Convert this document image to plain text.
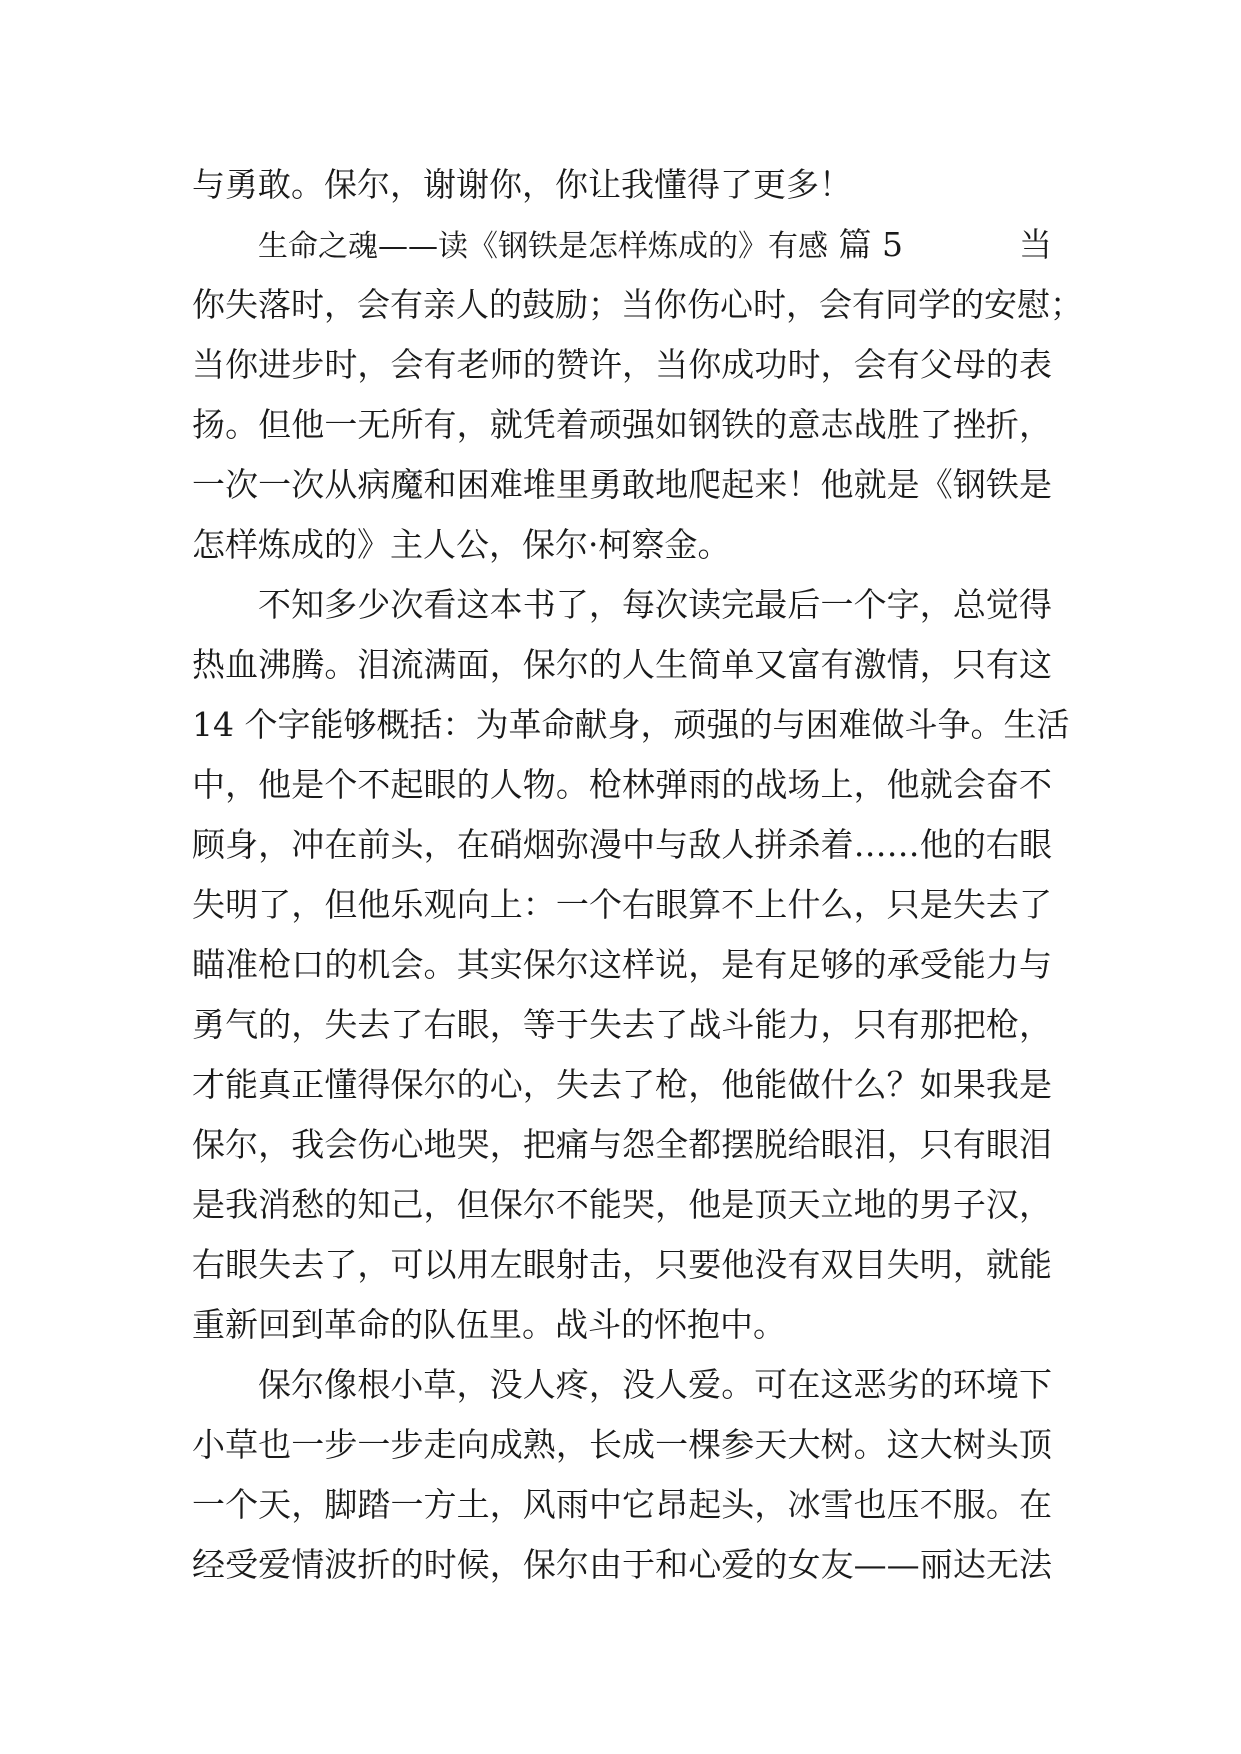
与勇敢。保尔，谢谢你，你让我懂得了更多！
生命之魂——读《钢铁是怎样炼成的》有感 篇 5	当
你失落时，会有亲人的鼓励；当你伤心时，会有同学的安慰；
当你进步时，会有老师的赞许，当你成功时，会有父母的表
扬。但他一无所有，就凭着顽强如钢铁的意志战胜了挫折，
一次一次从病魔和困难堆里勇敢地爬起来！他就是《钢铁是
怎样炼成的》主人公，保尔·柯察金。
不知多少次看这本书了，每次读完最后一个字，总觉得
热血沸腾。泪流满面，保尔的人生简单又富有激情，只有这
14 个字能够概括：为革命献身，顽强的与困难做斗争。生活
中，他是个不起眼的人物。枪林弹雨的战场上，他就会奋不
顾身，冲在前头，在硝烟弥漫中与敌人拼杀着……他的右眼
失明了，但他乐观向上：一个右眼算不上什么，只是失去了
瞄准枪口的机会。其实保尔这样说，是有足够的承受能力与
勇气的，失去了右眼，等于失去了战斗能力，只有那把枪，
才能真正懂得保尔的心，失去了枪，他能做什么？如果我是
保尔，我会伤心地哭，把痛与怨全都摆脱给眼泪，只有眼泪
是我消愁的知己，但保尔不能哭，他是顶天立地的男子汉，
右眼失去了，可以用左眼射击，只要他没有双目失明，就能
重新回到革命的队伍里。战斗的怀抱中。
保尔像根小草，没人疼，没人爱。可在这恶劣的环境下
小草也一步一步走向成熟，长成一棵参天大树。这大树头顶
一个天，脚踏一方土，风雨中它昂起头，冰雪也压不服。在
经受爱情波折的时候，保尔由于和心爱的女友——丽达无法
